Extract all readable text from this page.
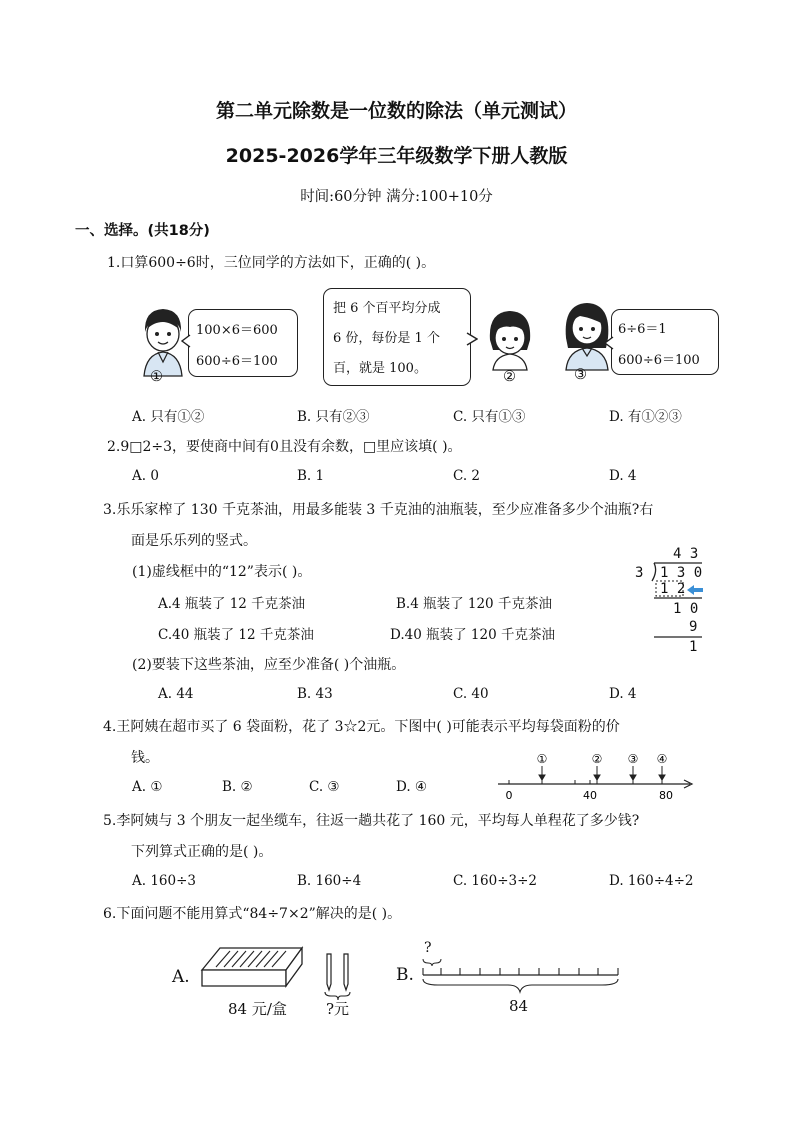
第二单元除数是一位数的除法（单元测试）
2025-2026学年三年级数学下册人教版
时间:60分钟 满分:100+10分
一、选择。(共18分)
1.口算600÷6时，三位同学的方法如下，正确的( )。
①
100×6＝600
600÷6＝100
把 6 个百平均分成
6 份，每份是 1 个
百，就是 100。
②	③
6÷6＝1
600÷6＝100
A. 只有①②	B. 只有②③	C. 只有①③	D. 有①②③
2.9□2÷3，要使商中间有0且没有余数，□里应该填( )。
A. 0	B. 1	C. 2	D. 4
3.乐乐家榨了 130 千克茶油，用最多能装 3 千克油的油瓶装，至少应准备多少个油瓶?右
面是乐乐列的竖式。
(1)虚线框中的“12”表示( )。
A.4 瓶装了 12 千克茶油	B.4 瓶装了 120 千克茶油
C.40 瓶装了 12 千克茶油	D.40 瓶装了 120 千克茶油
(2)要装下这些茶油，应至少准备( )个油瓶。
A. 44	B. 43	C. 40	D. 4
4 3
3 1 3 0
1 2
1 0
9
1
4.王阿姨在超市买了 6 袋面粉，花了 3☆2元。下图中( )可能表示平均每袋面粉的价
钱。
A. ①	B. ②	C. ③	D. ④
①	② ③ ④
0	40	80
5.李阿姨与 3 个朋友一起坐缆车，往返一趟共花了 160 元，平均每人单程花了多少钱?
下列算式正确的是( )。
A. 160÷3	B. 160÷4	C. 160÷3÷2	D. 160÷4÷2
6.下面问题不能用算式“84÷7×2”解决的是( )。
A.
84 元/盒	?元
B.
?
84
